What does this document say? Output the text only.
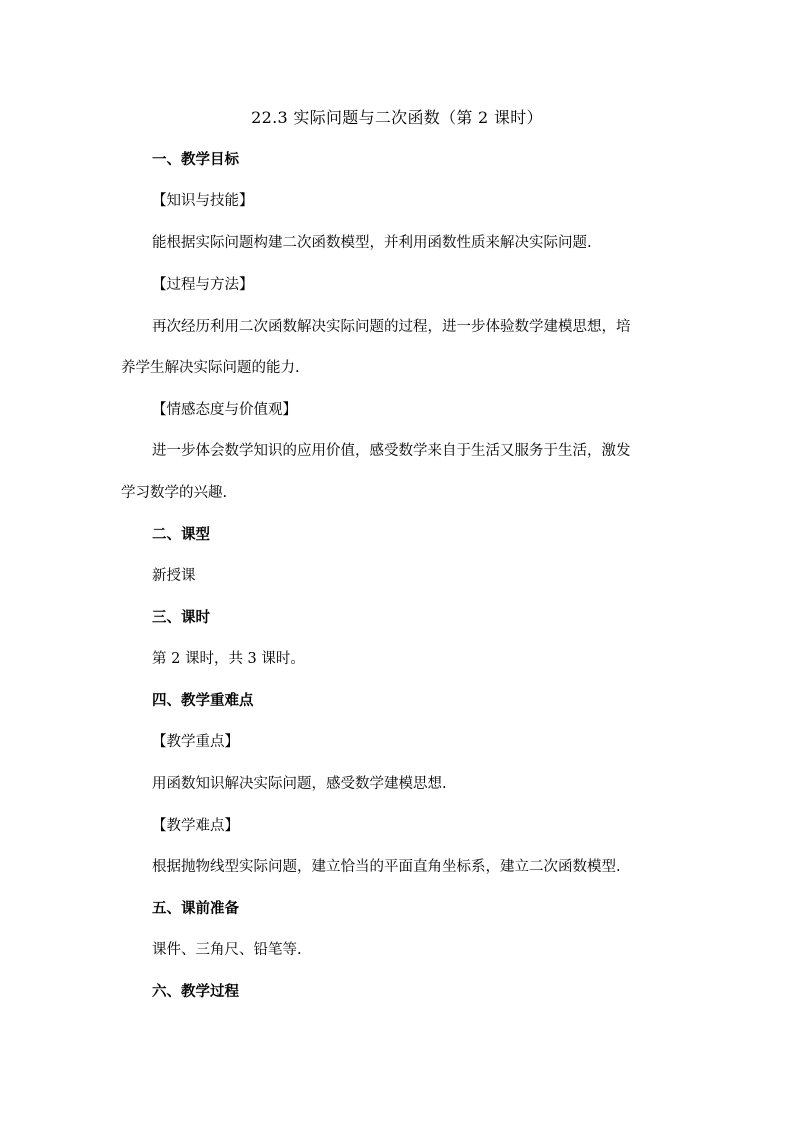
22.3 实际问题与二次函数（第 2 课时）
一、教学目标
【知识与技能】
能根据实际问题构建二次函数模型，并利用函数性质来解决实际问题.
【过程与方法】
再次经历利用二次函数解决实际问题的过程，进一步体验数学建模思想，培
养学生解决实际问题的能力.
【情感态度与价值观】
进一步体会数学知识的应用价值，感受数学来自于生活又服务于生活，激发
学习数学的兴趣.
二、课型
新授课
三、课时
第 2 课时，共 3 课时。
四、教学重难点
【教学重点】
用函数知识解决实际问题，感受数学建模思想.
【教学难点】
根据抛物线型实际问题，建立恰当的平面直角坐标系，建立二次函数模型.
五、课前准备
课件、三角尺、铅笔等.
六、教学过程
